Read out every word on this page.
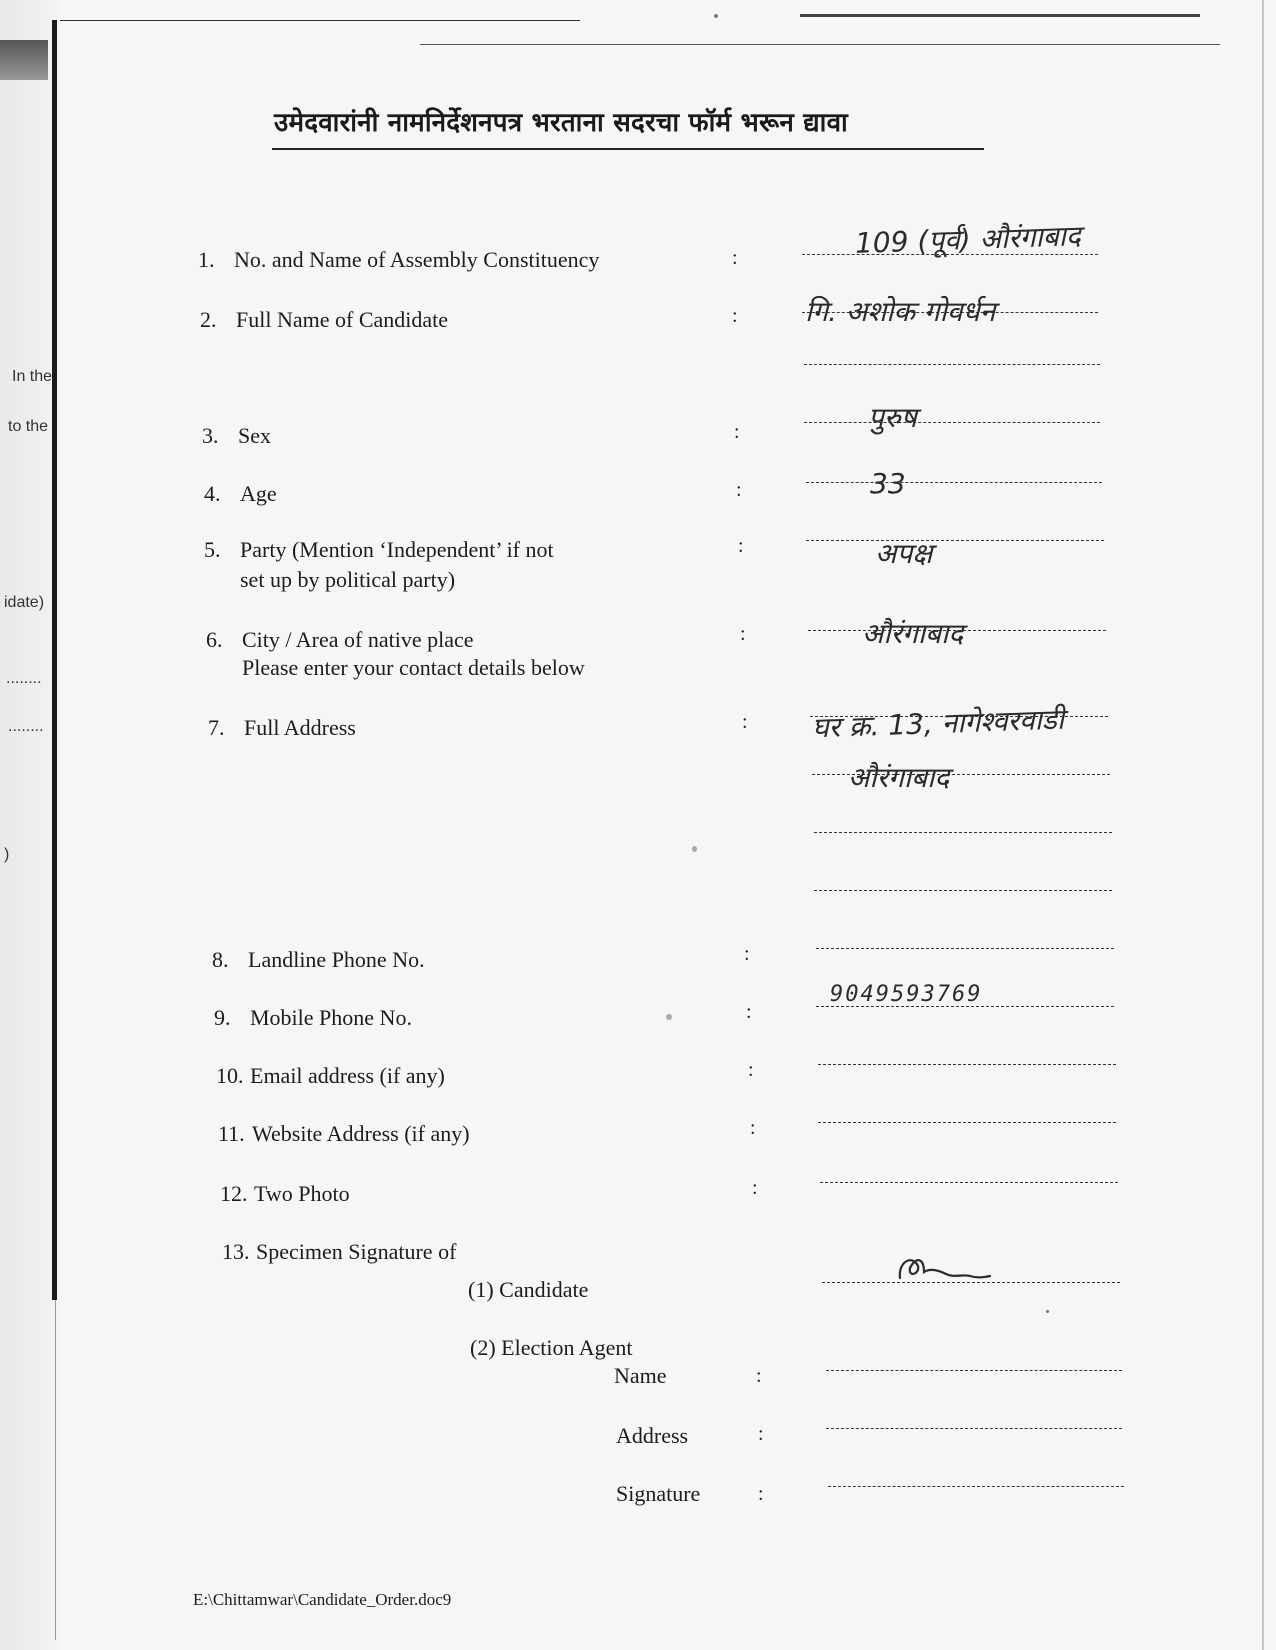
In the
to the
idate)
........
........
)
उमेदवारांनी नामनिर्देशनपत्र भरताना सदरचा फॉर्म भरून द्यावा
1. No. and Name of Assembly Constituency	:	109 (पूर्व) औरंगाबाद
2. Full Name of Candidate	: गि. अशोक गोवर्धन
3. Sex	:	पुरुष
4. Age	:	33
5. Party (Mention ‘Independent’ if not
set up by political party)
:	अपक्ष
6. City / Area of native place
Please enter your contact details below
:	औरंगाबाद
7. Full Address	: घर क्र. 13, नागेश्वरवाडी
औरंगाबाद
8. Landline Phone No.	:
9. Mobile Phone No.	:
9049593769
10. Email address (if any)	:
11. Website Address (if any)	:
12. Two Photo	:
13. Specimen Signature of
(1) Candidate
(2) Election Agent
Name	:
Address	:
Signature	:
E:\Chittamwar\Candidate_Order.doc9
